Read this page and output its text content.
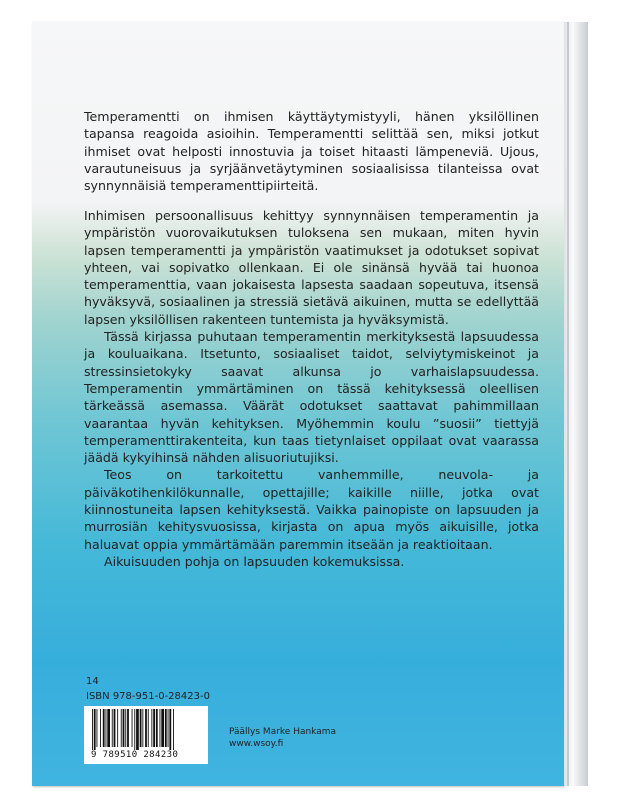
Temperamentti on ihmisen käyttäytymistyyli, hänen yksilöllinen tapansa reagoida asioihin. Temperamentti selittää sen, miksi jotkut ihmiset ovat helposti innostuvia ja toiset hitaasti lämpeneviä. Ujous, varautuneisuus ja syrjäänvetäytyminen sosiaalisissa tilanteissa ovat synnynnäisiä temperamenttipiirteitä.

Inhimisen persoonallisuus kehittyy synnynnäisen temperamentin ja ympäristön vuorovaikutuksen tuloksena sen mukaan, miten hyvin lapsen temperamentti ja ympäristön vaatimukset ja odotukset sopivat yhteen, vai sopivatko ollenkaan. Ei ole sinänsä hyvää tai huonoa temperamenttia, vaan jokaisesta lapsesta saadaan sopeutuva, itsensä hyväksyvä, sosiaalinen ja stressiä sietävä aikuinen, mutta se edellyttää lapsen yksilöllisen rakenteen tuntemista ja hyväksymistä.

Tässä kirjassa puhutaan temperamentin merkityksestä lapsuudessa ja kouluaikana. Itsetunto, sosiaaliset taidot, selviytymiskeinot ja stressinsietokyky saavat alkunsa jo varhaislapsuudessa. Temperamentin ymmärtäminen on tässä kehityksessä oleellisen tärkeässä asemassa. Väärät odotukset saattavat pahimmillaan vaarantaa hyvän kehityksen. Myöhemmin koulu ”suosii” tiettyjä temperamenttirakenteita, kun taas tietynlaiset oppilaat ovat vaarassa jäädä kykyihinsä nähden alisuoriutujiksi.

Teos on tarkoitettu vanhemmille, neuvola- ja päiväkotihenkilökunnalle, opettajille; kaikille niille, jotka ovat kiinnostuneita lapsen kehityksestä. Vaikka painopiste on lapsuuden ja murrosiän kehitysvuosissa, kirjasta on apua myös aikuisille, jotka haluavat oppia ymmärtämään paremmin itseään ja reaktioitaan.

Aikuisuuden pohja on lapsuuden kokemuksissa.

14
ISBN 978-951-0-28423-0
9 789510 284230
Päällys Marke Hankama
www.wsoy.fi
